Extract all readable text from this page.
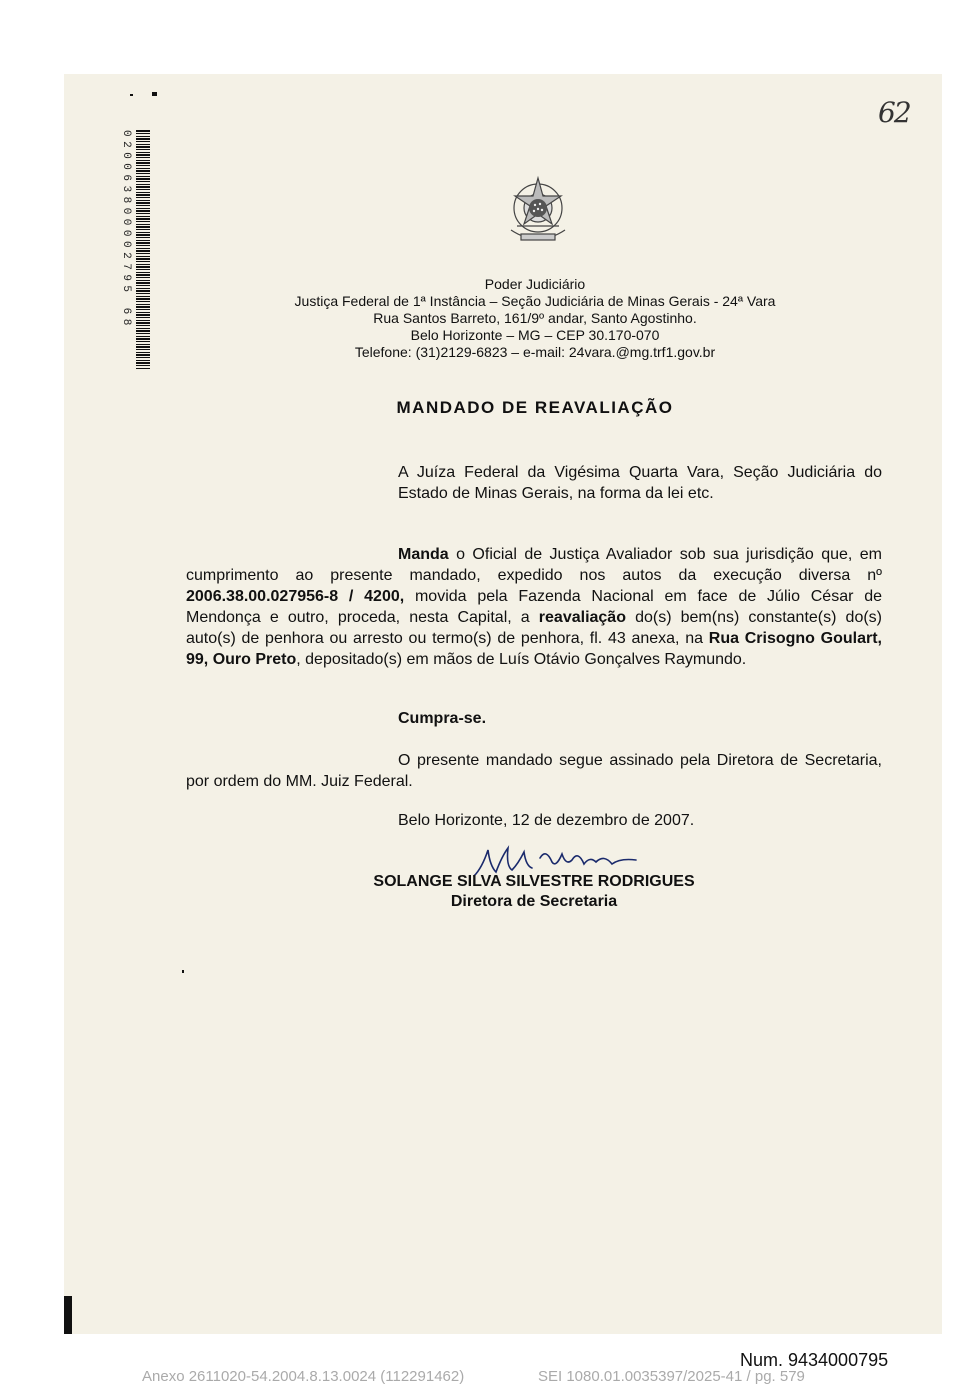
62
020063800002795 68	Poder Judiciário
Justiça Federal de 1ª Instância – Seção Judiciária de Minas Gerais - 24ª Vara
Rua Santos Barreto, 161/9º andar, Santo Agostinho.
Belo Horizonte – MG – CEP 30.170-070
Telefone: (31)2129-6823 – e-mail: 24vara.@mg.trf1.gov.br
MANDADO DE REAVALIAÇÃO
A Juíza Federal da Vigésima Quarta Vara, Seção Judiciária do Estado de Minas Gerais, na forma da lei etc.
Manda o Oficial de Justiça Avaliador sob sua jurisdição que, em cumprimento ao presente mandado, expedido nos autos da execução diversa nº 2006.38.00.027956-8 / 4200, movida pela Fazenda Nacional em face de Júlio César de Mendonça e outro, proceda, nesta Capital, a reavaliação do(s) bem(ns) constante(s) do(s) auto(s) de penhora ou arresto ou termo(s) de penhora, fl. 43 anexa, na Rua Crisogno Goulart, 99, Ouro Preto, depositado(s) em mãos de Luís Otávio Gonçalves Raymundo.
Cumpra-se.
O presente mandado segue assinado pela Diretora de Secretaria, por ordem do MM. Juiz Federal.
Belo Horizonte, 12 de dezembro de 2007.
SOLANGE SILVA SILVESTRE RODRIGUES
Diretora de Secretaria
Num. 9434000795
Anexo 2611020-54.2004.8.13.0024 (112291462)	SEI 1080.01.0035397/2025-41 / pg. 579
